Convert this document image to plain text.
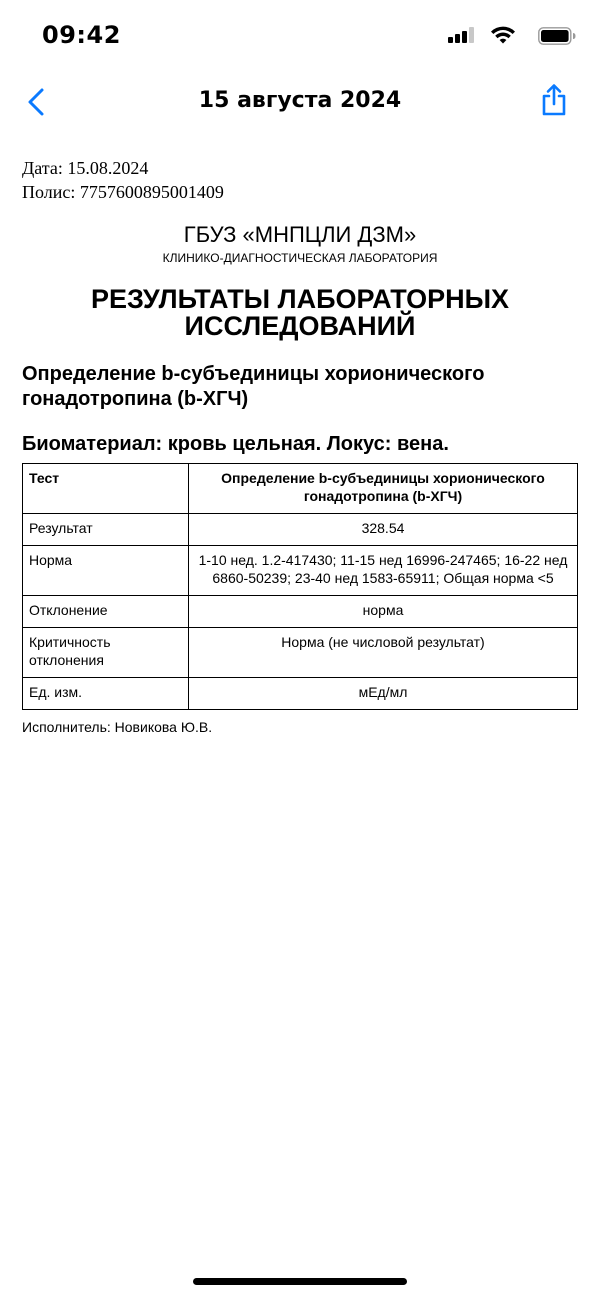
09:42
15 августа 2024
Дата: 15.08.2024
Полис: 7757600895001409
ГБУЗ «МНПЦЛИ ДЗМ»
КЛИНИКО-ДИАГНОСТИЧЕСКАЯ ЛАБОРАТОРИЯ
РЕЗУЛЬТАТЫ ЛАБОРАТОРНЫХ ИССЛЕДОВАНИЙ
Определение b-субъединицы хорионического гонадотропина (b-ХГЧ)
Биоматериал: кровь цельная. Локус: вена.
Тест	Определение b-субъединицы хорионического гонадотропина (b-ХГЧ)
Результат	328.54
Норма	1-10 нед. 1.2-417430; 11-15 нед 16996-247465; 16-22 нед 6860-50239; 23-40 нед 1583-65911; Общая норма <5
Отклонение	норма
Критичность отклонения	Норма (не числовой результат)
Ед. изм.	мЕд/мл
Исполнитель: Новикова Ю.В.
